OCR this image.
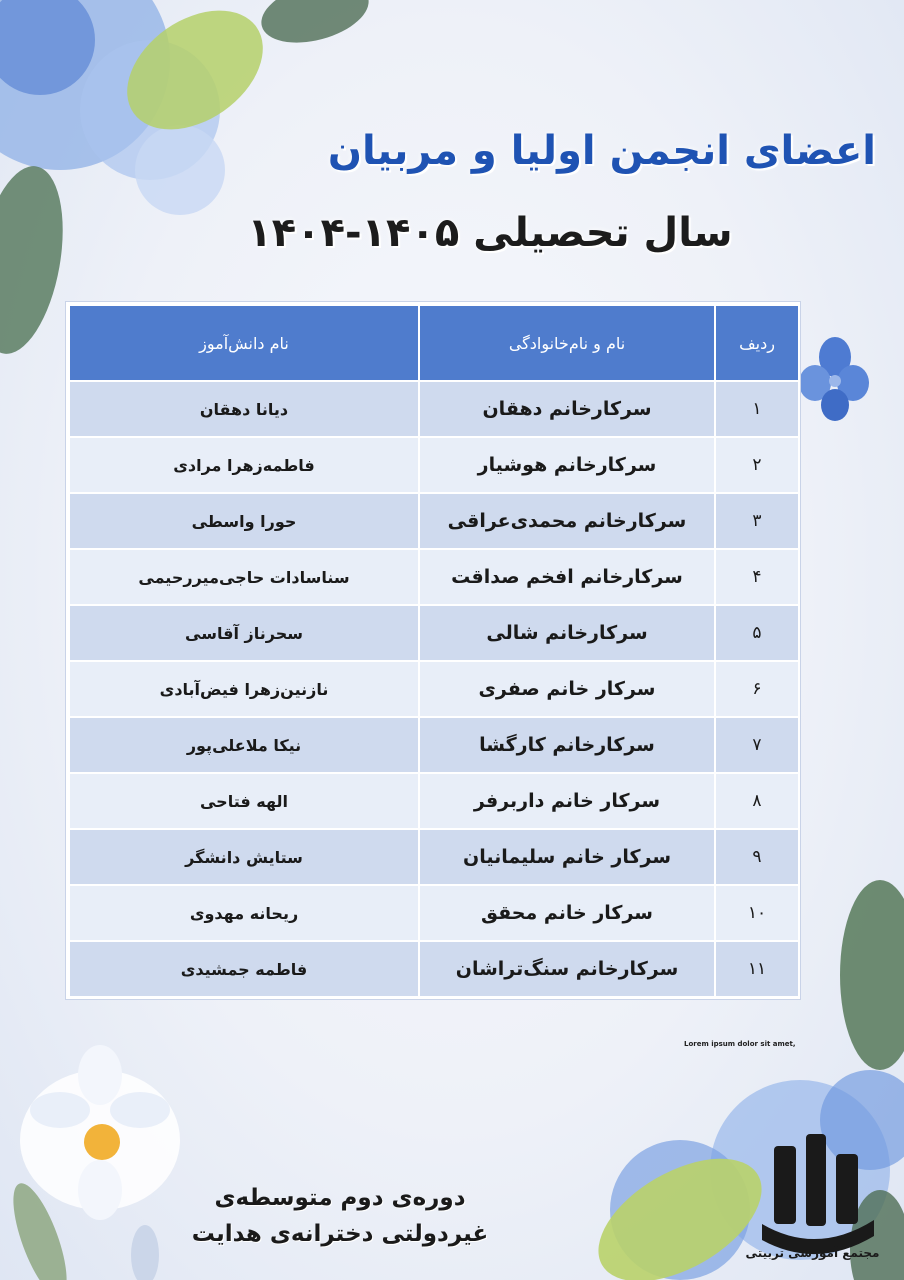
اعضای انجمن اولیا و مربیان
سال تحصیلی ۱۴۰۵-۱۴۰۴
ردیف	نام و نام‌خانوادگی	نام دانش‌آموز
۱	سرکارخانم دهقان	دیانا دهقان
۲	سرکارخانم هوشیار	فاطمه‌زهرا مرادی
۳	سرکارخانم محمدی‌عراقی	حورا واسطی
۴	سرکارخانم افخم صداقت	سناسادات حاجی‌میررحیمی
۵	سرکارخانم شالی	سحرناز آقاسی
۶	سرکار خانم صفری	نازنین‌زهرا فیض‌آبادی
۷	سرکارخانم کارگشا	نیکا ملاعلی‌پور
۸	سرکار خانم داربرفر	الهه فتاحی
۹	سرکار خانم سلیمانیان	ستایش دانشگر
۱۰	سرکار خانم محقق	ریحانه مهدوی
۱۱	سرکارخانم سنگ‌تراشان	فاطمه جمشیدی
Lorem ipsum dolor sit amet,
دوره‌ی دوم متوسطه‌ی
غیردولتی دخترانه‌ی هدایت
مجتمع آموزشی تربیتی
